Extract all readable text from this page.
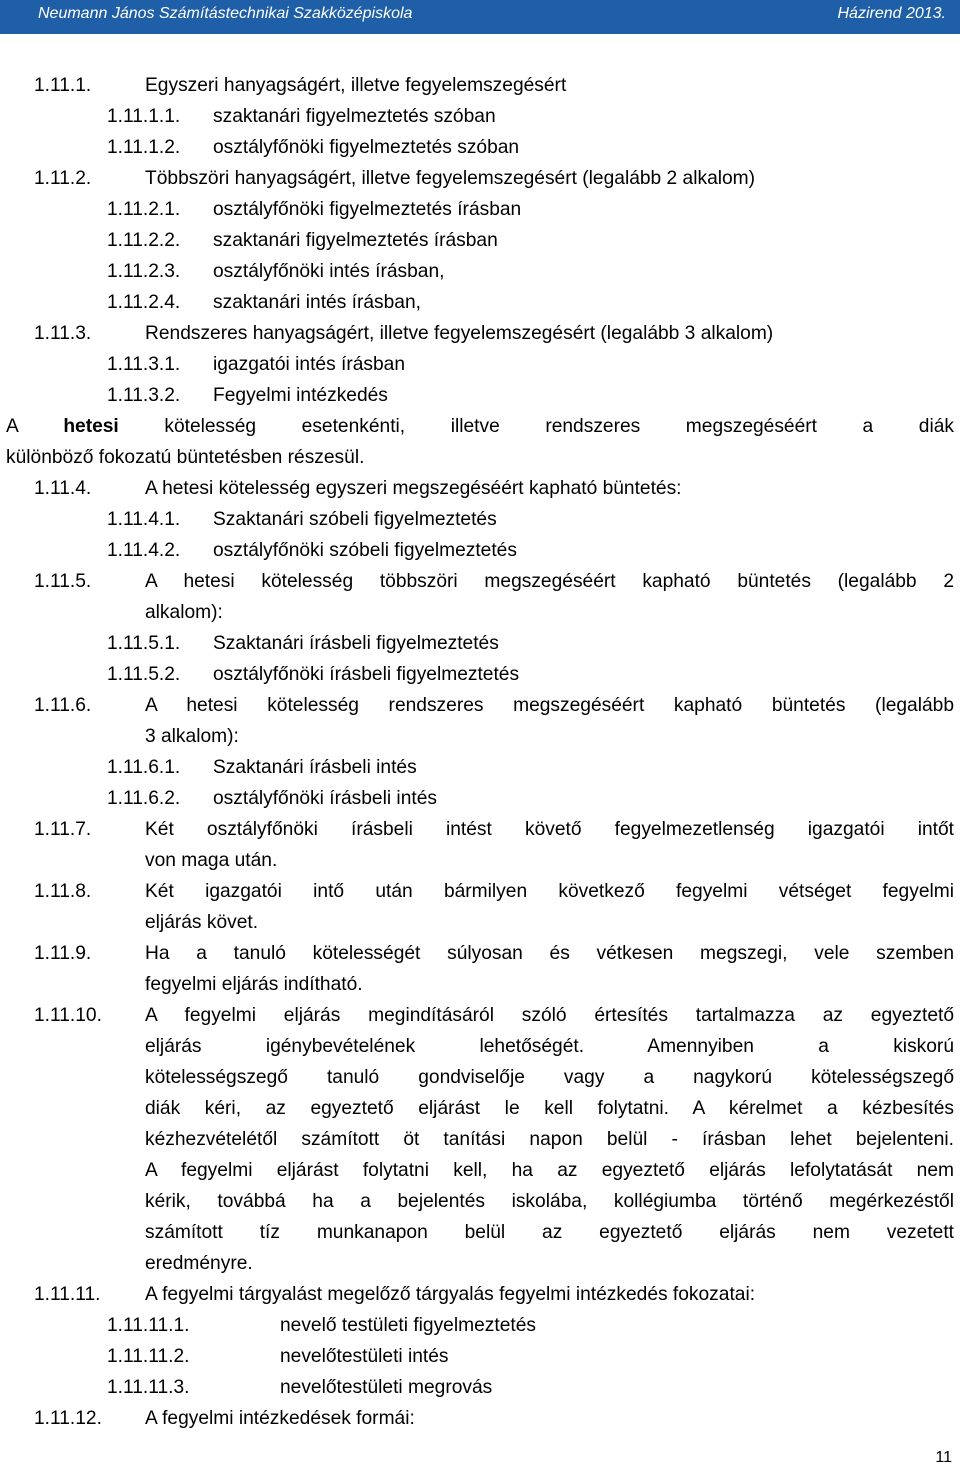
Neumann János Számítástechnikai Szakközépiskola	Házirend 2013.
1.11.1.	Egyszeri hanyagságért, illetve fegyelemszegésért
1.11.1.1. szaktanári figyelmeztetés szóban
1.11.1.2. osztályfőnöki figyelmeztetés szóban
1.11.2.	Többszöri hanyagságért, illetve fegyelemszegésért (legalább 2 alkalom)
1.11.2.1. osztályfőnöki figyelmeztetés írásban
1.11.2.2. szaktanári figyelmeztetés írásban
1.11.2.3. osztályfőnöki intés írásban,
1.11.2.4. szaktanári intés írásban,
1.11.3.	Rendszeres hanyagságért, illetve fegyelemszegésért (legalább 3 alkalom)
1.11.3.1. igazgatói intés írásban
1.11.3.2. Fegyelmi intézkedés
A hetesi kötelesség esetenkénti, illetve rendszeres megszegéséért a diák
különböző fokozatú büntetésben részesül.
1.11.4.	A hetesi kötelesség egyszeri megszegéséért kapható büntetés:
1.11.4.1. Szaktanári szóbeli figyelmeztetés
1.11.4.2. osztályfőnöki szóbeli figyelmeztetés
1.11.5.	A hetesi kötelesség többszöri megszegéséért kapható büntetés (legalább 2
alkalom):
1.11.5.1. Szaktanári írásbeli figyelmeztetés
1.11.5.2. osztályfőnöki írásbeli figyelmeztetés
1.11.6.	A hetesi kötelesség rendszeres megszegéséért kapható büntetés (legalább
3 alkalom):
1.11.6.1. Szaktanári írásbeli intés
1.11.6.2. osztályfőnöki írásbeli intés
1.11.7.	Két osztályfőnöki írásbeli intést követő fegyelmezetlenség igazgatói intőt
von maga után.
1.11.8.	Két igazgatói intő után bármilyen következő fegyelmi vétséget fegyelmi
eljárás követ.
1.11.9.	Ha a tanuló kötelességét súlyosan és vétkesen megszegi, vele szemben
fegyelmi eljárás indítható.
1.11.10. A fegyelmi eljárás megindításáról szóló értesítés tartalmazza az egyeztető
eljárás igénybevételének lehetőségét. Amennyiben a kiskorú
kötelességszegő tanuló gondviselője vagy a nagykorú kötelességszegő
diák kéri, az egyeztető eljárást le kell folytatni. A kérelmet a kézbesítés
kézhezvételétől számított öt tanítási napon belül - írásban lehet bejelenteni.
A fegyelmi eljárást folytatni kell, ha az egyeztető eljárás lefolytatását nem
kérik, továbbá ha a bejelentés iskolába, kollégiumba történő megérkezéstől
számított tíz munkanapon belül az egyeztető eljárás nem vezetett
eredményre.
1.11.11. A fegyelmi tárgyalást megelőző tárgyalás fegyelmi intézkedés fokozatai:
1.11.11.1.	nevelő testületi figyelmeztetés
1.11.11.2.	nevelőtestületi intés
1.11.11.3.	nevelőtestületi megrovás
1.11.12. A fegyelmi intézkedések formái:
11
